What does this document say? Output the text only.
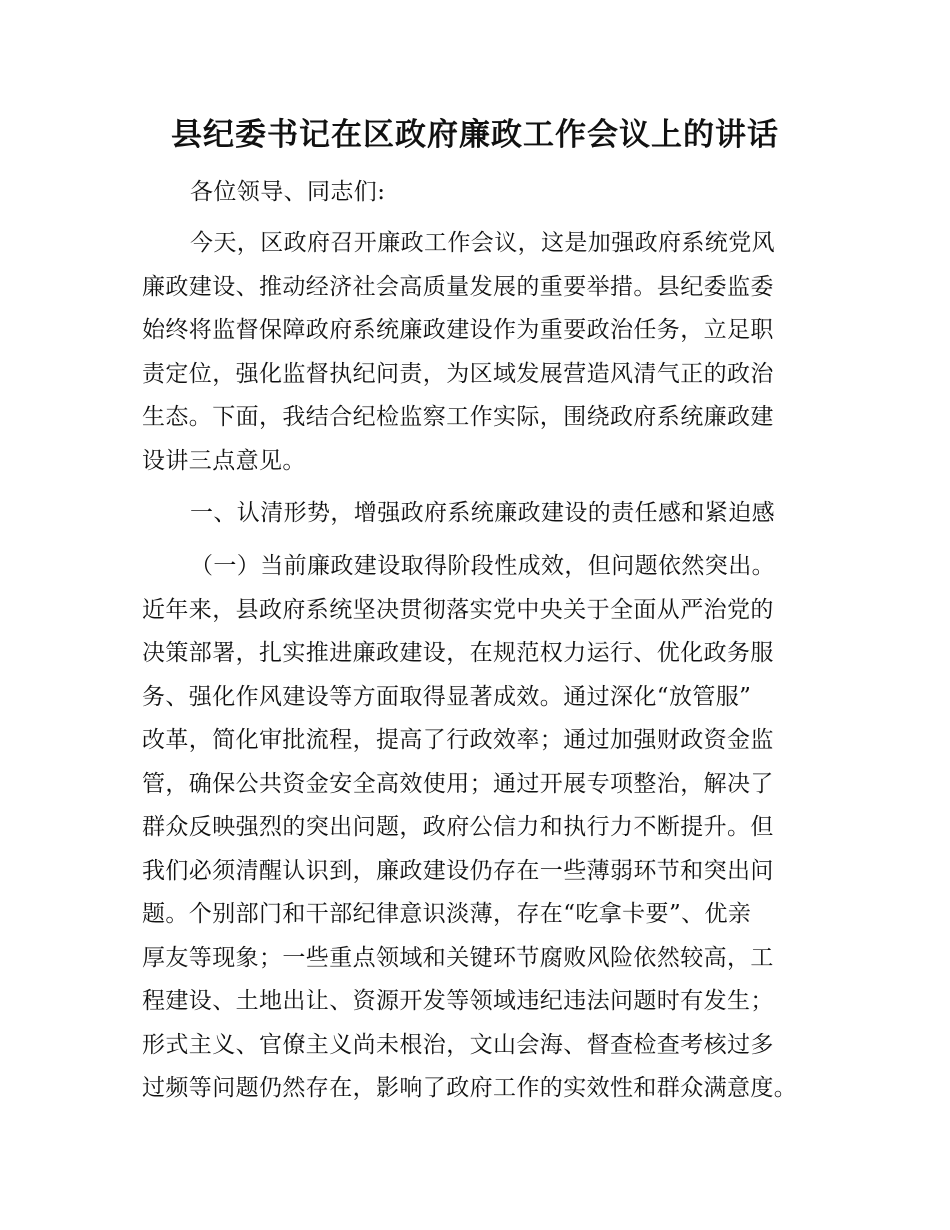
县纪委书记在区政府廉政工作会议上的讲话

各位领导、同志们:

今天，区政府召开廉政工作会议，这是加强政府系统党风
廉政建设、推动经济社会高质量发展的重要举措。县纪委监委
始终将监督保障政府系统廉政建设作为重要政治任务，立足职
责定位，强化监督执纪问责，为区域发展营造风清气正的政治
生态。下面，我结合纪检监察工作实际，围绕政府系统廉政建
设讲三点意见。

一、认清形势，增强政府系统廉政建设的责任感和紧迫感

（一）当前廉政建设取得阶段性成效，但问题依然突出。
近年来，县政府系统坚决贯彻落实党中央关于全面从严治党的
决策部署，扎实推进廉政建设，在规范权力运行、优化政务服
务、强化作风建设等方面取得显著成效。通过深化“放管服”
改革，简化审批流程，提高了行政效率；通过加强财政资金监
管，确保公共资金安全高效使用；通过开展专项整治，解决了
群众反映强烈的突出问题，政府公信力和执行力不断提升。但
我们必须清醒认识到，廉政建设仍存在一些薄弱环节和突出问
题。个别部门和干部纪律意识淡薄，存在“吃拿卡要”、优亲
厚友等现象；一些重点领域和关键环节腐败风险依然较高，工
程建设、土地出让、资源开发等领域违纪违法问题时有发生；
形式主义、官僚主义尚未根治，文山会海、督查检查考核过多
过频等问题仍然存在，影响了政府工作的实效性和群众满意度。
